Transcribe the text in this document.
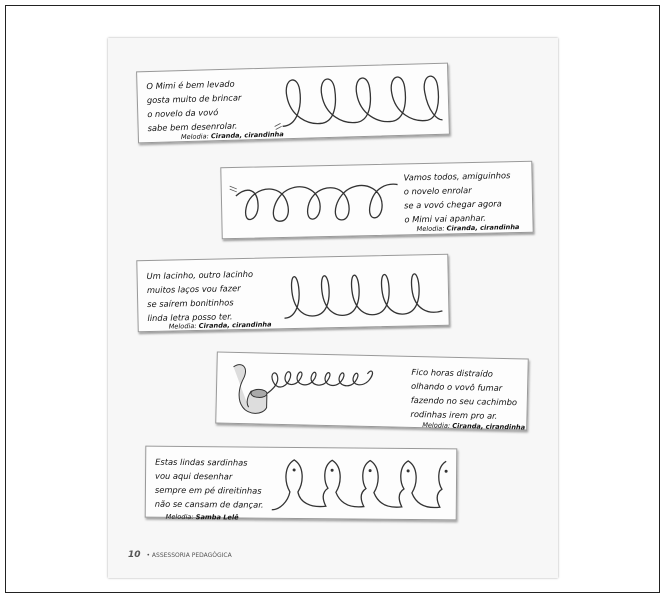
O Mimi é bem levado
gosta muito de brincar
o novelo da vovó
sabe bem desenrolar.
Melodia: Ciranda, cirandinha
Vamos todos, amiguinhos
o novelo enrolar
se a vovó chegar agora
o Mimi vai apanhar.
Melodia: Ciranda, cirandinha
Um lacinho, outro lacinho
muitos laços vou fazer
se saírem bonitinhos
linda letra posso ter.
Melodia: Ciranda, cirandinha
Fico horas distraído
olhando o vovô fumar
fazendo no seu cachimbo
rodinhas irem pro ar.
Melodia: Ciranda, cirandinha
Estas lindas sardinhas
vou aqui desenhar
sempre em pé direitinhas
não se cansam de dançar.
Melodia: Samba Lelê
10 • ASSESSORIA PEDAGÓGICA
